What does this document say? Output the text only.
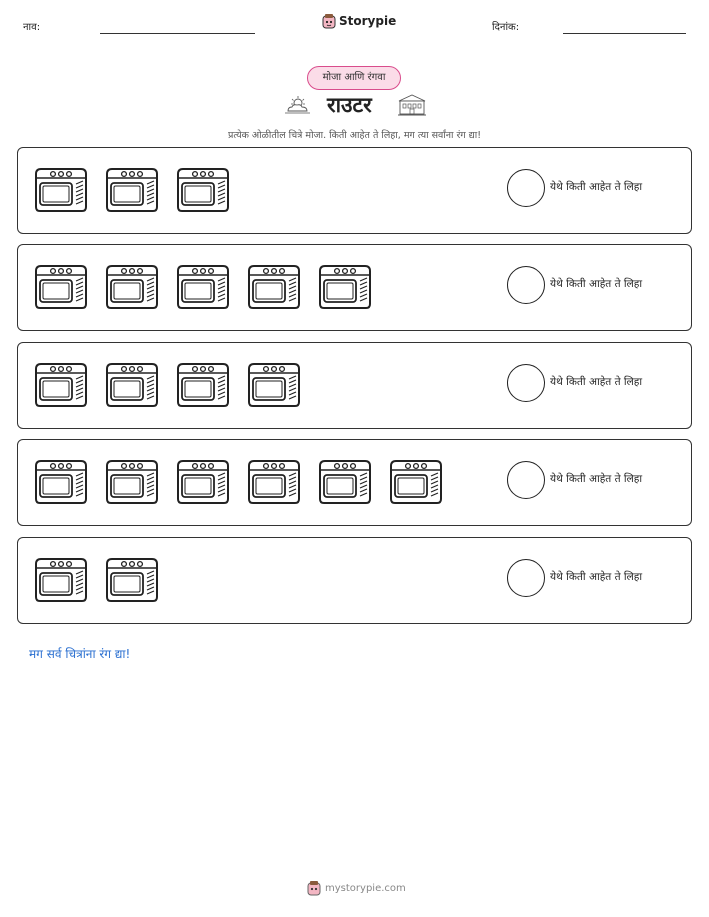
नाव:	Storypie	दिनांक:
मोजा आणि रंगवा
राउटर
प्रत्येक ओळीतील चित्रे मोजा. किती आहेत ते लिहा, मग त्या सर्वांना रंग द्या!
येथे किती आहेत ते लिहा
येथे किती आहेत ते लिहा
येथे किती आहेत ते लिहा
येथे किती आहेत ते लिहा
येथे किती आहेत ते लिहा
मग सर्व चित्रांना रंग द्या!
mystorypie.com
